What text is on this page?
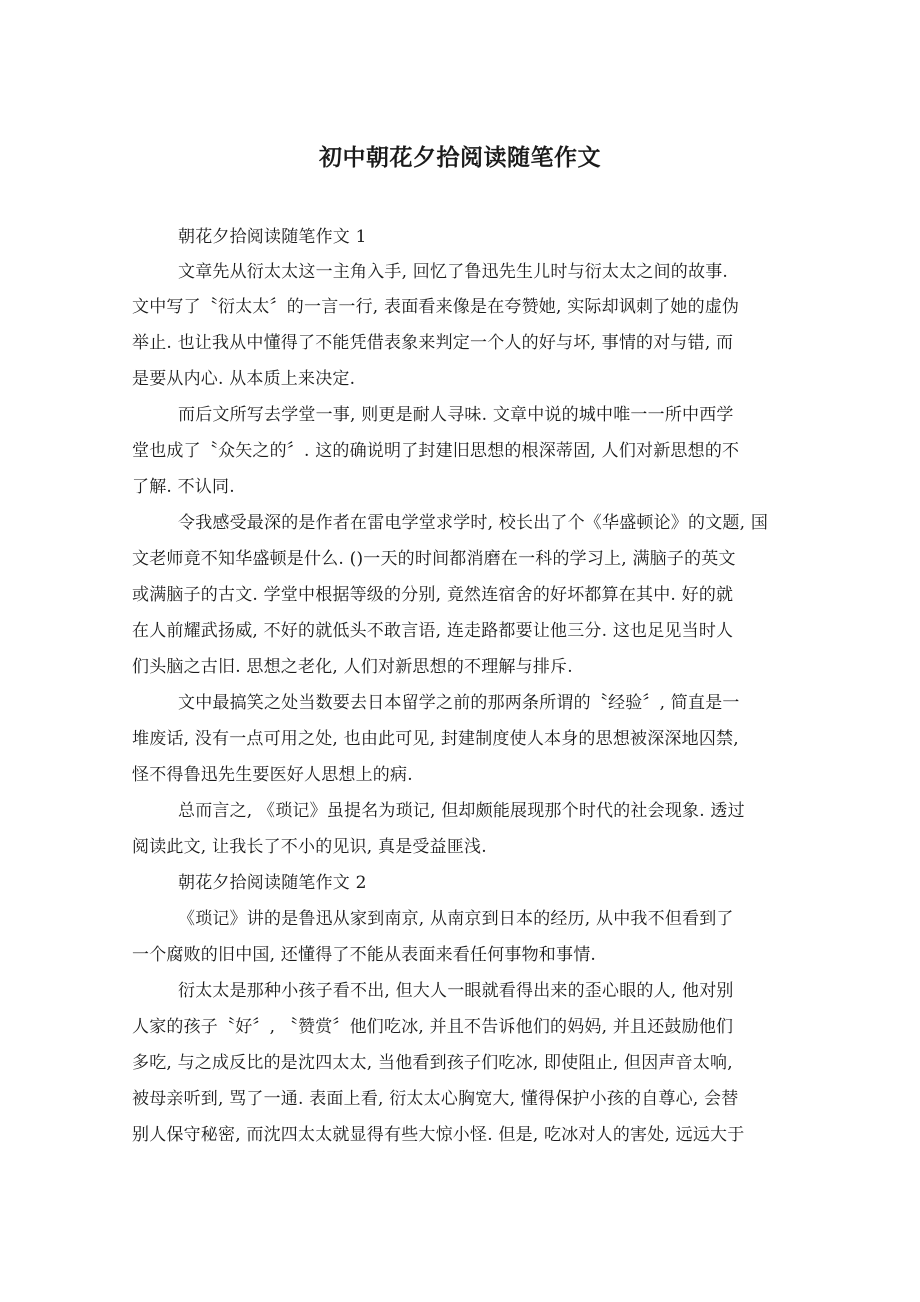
初中朝花夕拾阅读随笔作文
朝花夕拾阅读随笔作文 1
文章先从衍太太这一主角入手, 回忆了鲁迅先生儿时与衍太太之间的故事.
文中写了〝衍太太〞的一言一行, 表面看来像是在夸赞她, 实际却讽刺了她的虚伪
举止. 也让我从中懂得了不能凭借表象来判定一个人的好与坏, 事情的对与错, 而
是要从内心. 从本质上来决定.
而后文所写去学堂一事, 则更是耐人寻味. 文章中说的城中唯一一所中西学
堂也成了〝众矢之的〞. 这的确说明了封建旧思想的根深蒂固, 人们对新思想的不
了解. 不认同.
令我感受最深的是作者在雷电学堂求学时, 校长出了个《华盛顿论》的文题, 国
文老师竟不知华盛顿是什么. ()一天的时间都消磨在一科的学习上, 满脑子的英文
或满脑子的古文. 学堂中根据等级的分别, 竟然连宿舍的好坏都算在其中. 好的就
在人前耀武扬威, 不好的就低头不敢言语, 连走路都要让他三分. 这也足见当时人
们头脑之古旧. 思想之老化, 人们对新思想的不理解与排斥.
文中最搞笑之处当数要去日本留学之前的那两条所谓的〝经验〞, 简直是一
堆废话, 没有一点可用之处, 也由此可见, 封建制度使人本身的思想被深深地囚禁,
怪不得鲁迅先生要医好人思想上的病.
总而言之, 《琐记》虽提名为琐记, 但却颇能展现那个时代的社会现象. 透过
阅读此文, 让我长了不小的见识, 真是受益匪浅.
朝花夕拾阅读随笔作文 2
《琐记》讲的是鲁迅从家到南京, 从南京到日本的经历, 从中我不但看到了
一个腐败的旧中国, 还懂得了不能从表面来看任何事物和事情.
衍太太是那种小孩子看不出, 但大人一眼就看得出来的歪心眼的人, 他对别
人家的孩子〝好〞, 〝赞赏〞他们吃冰, 并且不告诉他们的妈妈, 并且还鼓励他们
多吃, 与之成反比的是沈四太太, 当他看到孩子们吃冰, 即使阻止, 但因声音太响,
被母亲听到, 骂了一通. 表面上看, 衍太太心胸宽大, 懂得保护小孩的自尊心, 会替
别人保守秘密, 而沈四太太就显得有些大惊小怪. 但是, 吃冰对人的害处, 远远大于
